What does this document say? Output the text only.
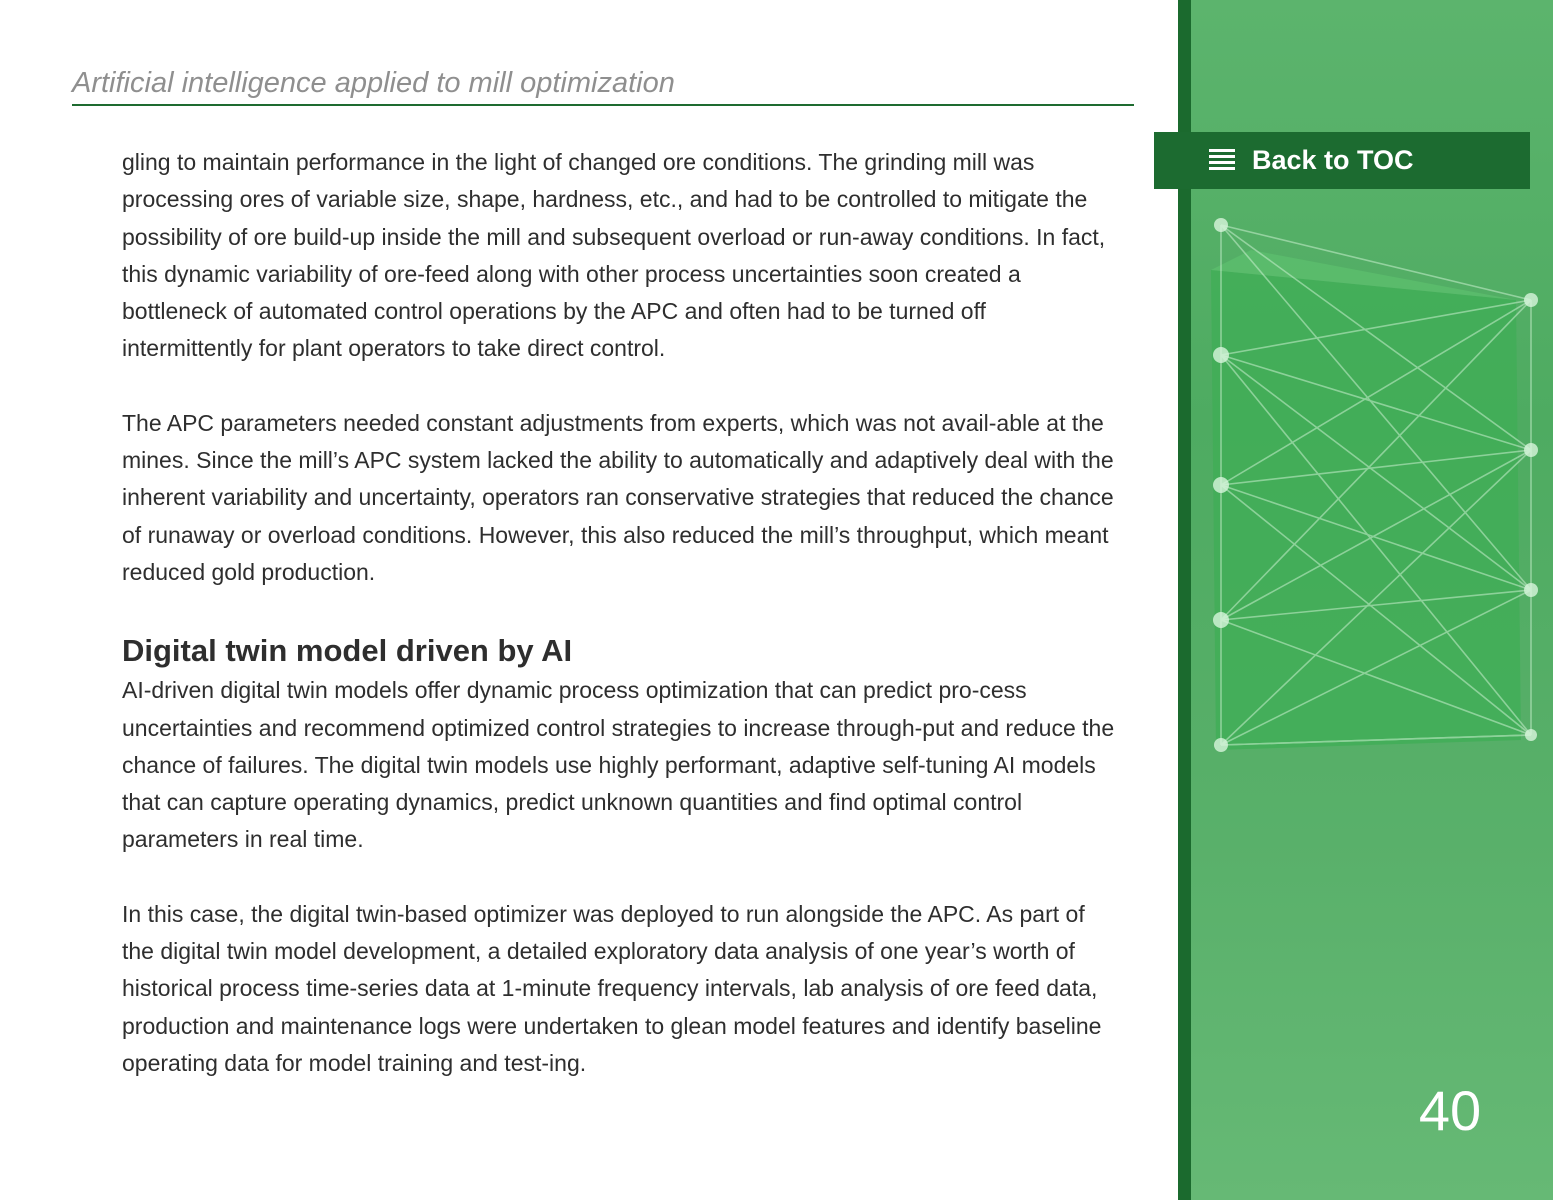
Artificial intelligence applied to mill optimization

gling to maintain performance in the light of changed ore conditions. The grinding mill was processing ores of variable size, shape, hardness, etc., and had to be controlled to mitigate the possibility of ore build-up inside the mill and subsequent overload or run-away conditions. In fact, this dynamic variability of ore-feed along with other process uncertainties soon created a bottleneck of automated control operations by the APC and often had to be turned off intermittently for plant operators to take direct control.

The APC parameters needed constant adjustments from experts, which was not avail-able at the mines. Since the mill’s APC system lacked the ability to automatically and adaptively deal with the inherent variability and uncertainty, operators ran conservative strategies that reduced the chance of runaway or overload conditions. However, this also reduced the mill’s throughput, which meant reduced gold production.

Digital twin model driven by AI

AI-driven digital twin models offer dynamic process optimization that can predict pro-cess uncertainties and recommend optimized control strategies to increase through-put and reduce the chance of failures. The digital twin models use highly performant, adaptive self-tuning AI models that can capture operating dynamics, predict unknown quantities and find optimal control parameters in real time.

In this case, the digital twin-based optimizer was deployed to run alongside the APC. As part of the digital twin model development, a detailed exploratory data analysis of one year’s worth of historical process time-series data at 1-minute frequency intervals, lab analysis of ore feed data, production and maintenance logs were undertaken to glean model features and identify baseline operating data for model training and test-ing.

Back to TOC
40
